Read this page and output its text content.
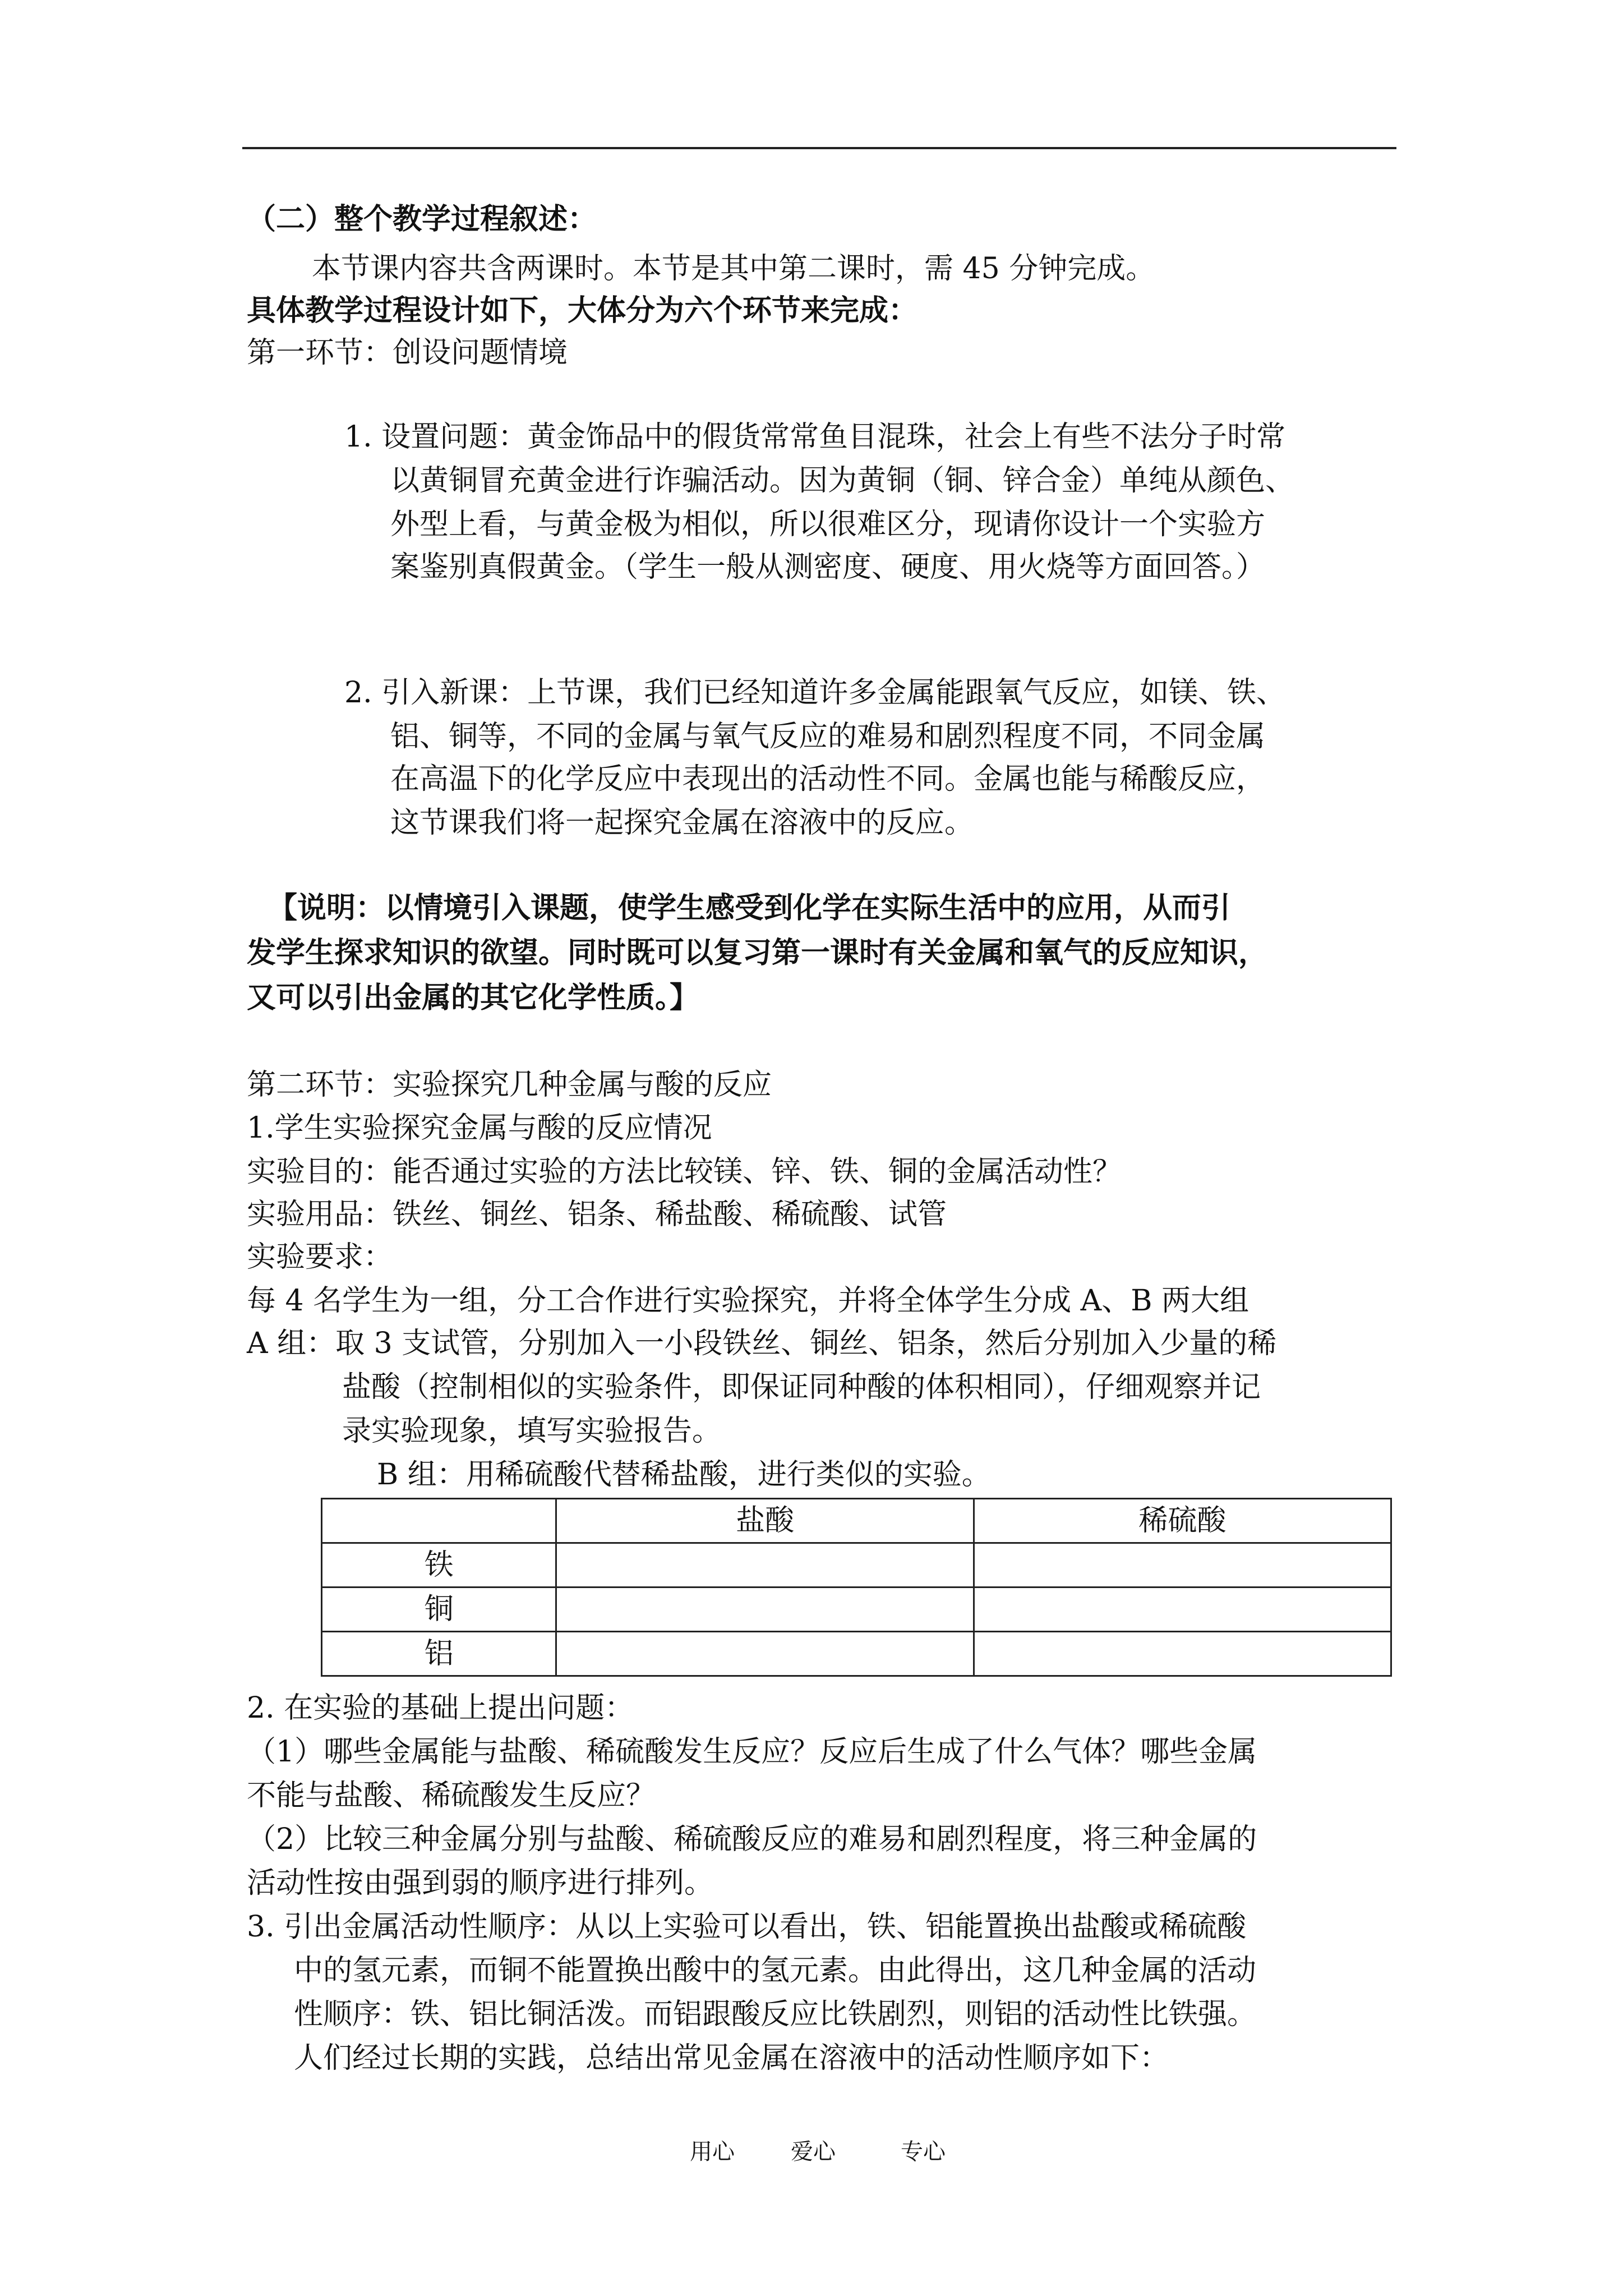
（二）整个教学过程叙述：
本节课内容共含两课时。本节是其中第二课时，需 45 分钟完成。
具体教学过程设计如下，大体分为六个环节来完成：
第一环节：创设问题情境
1. 设置问题：黄金饰品中的假货常常鱼目混珠，社会上有些不法分子时常
以黄铜冒充黄金进行诈骗活动。因为黄铜（铜、锌合金）单纯从颜色、
外型上看，与黄金极为相似，所以很难区分，现请你设计一个实验方
案鉴别真假黄金。（学生一般从测密度、硬度、用火烧等方面回答。）
2. 引入新课：上节课，我们已经知道许多金属能跟氧气反应，如镁、铁、
铝、铜等，不同的金属与氧气反应的难易和剧烈程度不同，不同金属
在高温下的化学反应中表现出的活动性不同。金属也能与稀酸反应，
这节课我们将一起探究金属在溶液中的反应。
【说明：以情境引入课题，使学生感受到化学在实际生活中的应用，从而引
发学生探求知识的欲望。同时既可以复习第一课时有关金属和氧气的反应知识，
又可以引出金属的其它化学性质。】
第二环节：实验探究几种金属与酸的反应
1.学生实验探究金属与酸的反应情况
实验目的：能否通过实验的方法比较镁、锌、铁、铜的金属活动性？
实验用品：铁丝、铜丝、铝条、稀盐酸、稀硫酸、试管
实验要求：
每 4 名学生为一组，分工合作进行实验探究，并将全体学生分成 A、B 两大组
A 组：取 3 支试管，分别加入一小段铁丝、铜丝、铝条，然后分别加入少量的稀
盐酸（控制相似的实验条件，即保证同种酸的体积相同），仔细观察并记
录实验现象，填写实验报告。
B 组：用稀硫酸代替稀盐酸，进行类似的实验。
	盐酸	稀硫酸
铁		
铜		
铝		
2. 在实验的基础上提出问题：
（1）哪些金属能与盐酸、稀硫酸发生反应？反应后生成了什么气体？哪些金属
不能与盐酸、稀硫酸发生反应？
（2）比较三种金属分别与盐酸、稀硫酸反应的难易和剧烈程度，将三种金属的
活动性按由强到弱的顺序进行排列。
3. 引出金属活动性顺序：从以上实验可以看出，铁、铝能置换出盐酸或稀硫酸
中的氢元素，而铜不能置换出酸中的氢元素。由此得出，这几种金属的活动
性顺序：铁、铝比铜活泼。而铝跟酸反应比铁剧烈，则铝的活动性比铁强。
人们经过长期的实践，总结出常见金属在溶液中的活动性顺序如下：
用心	爱心	专心
